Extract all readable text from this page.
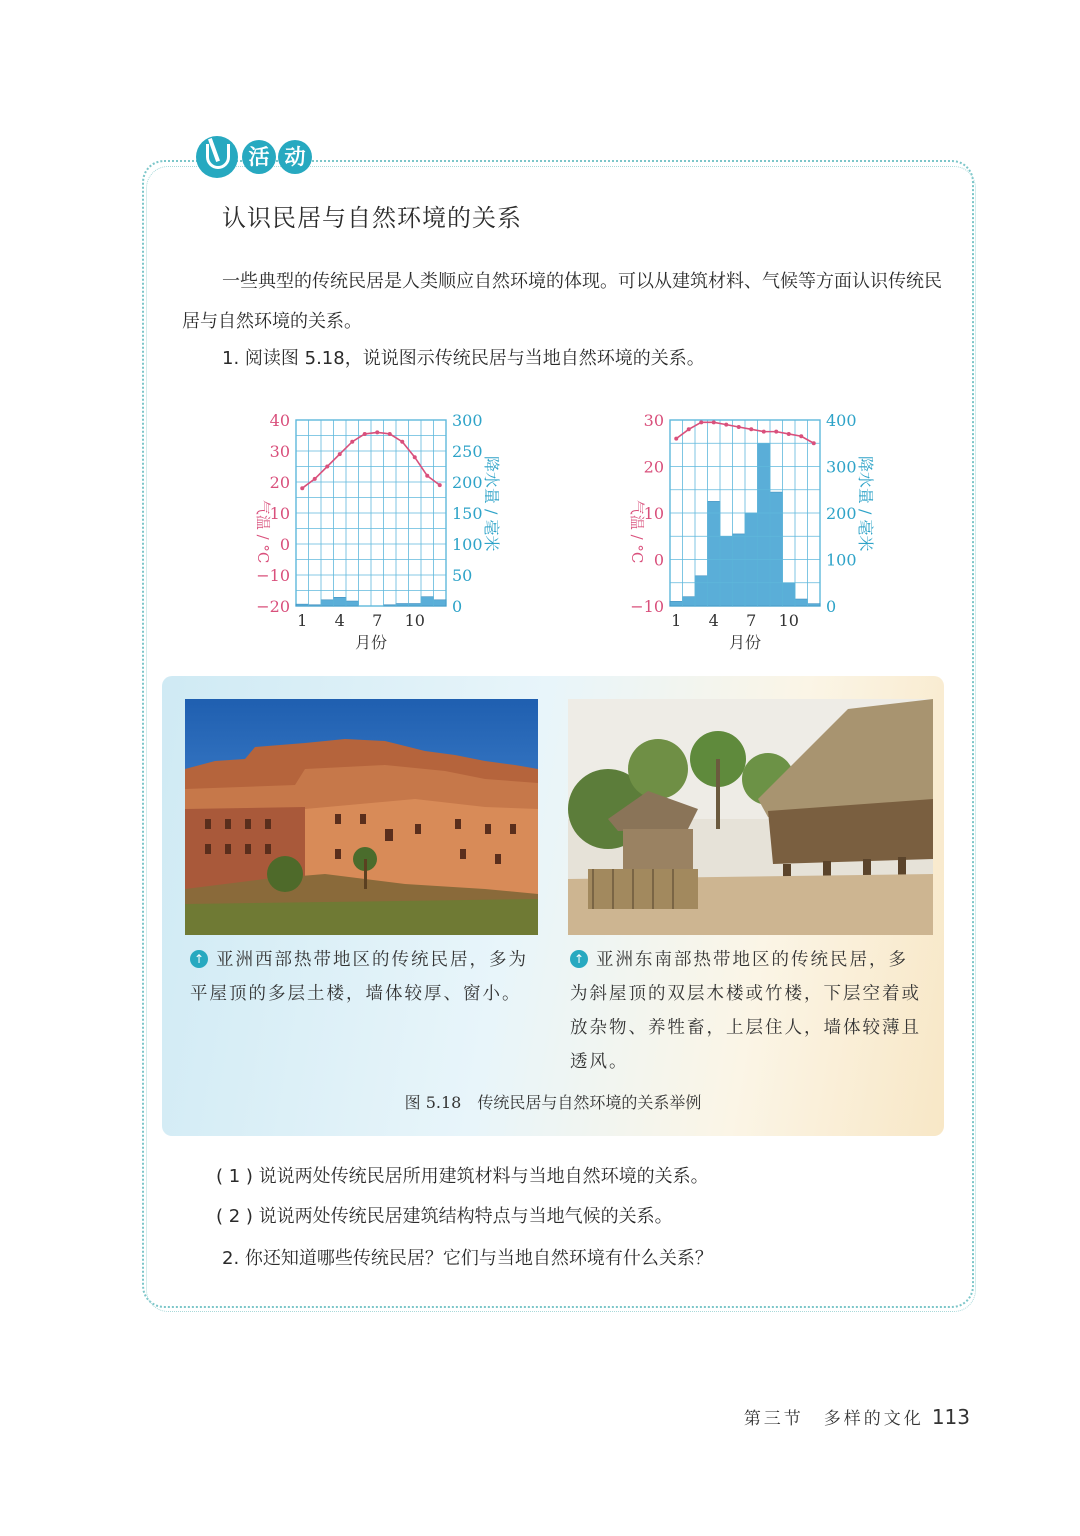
活 动
认识民居与自然环境的关系
一些典型的传统民居是人类顺应自然环境的体现。可以从建筑材料、气候等方面认识传统民居与自然环境的关系。
1. 阅读图 5.18，说说图示传统民居与当地自然环境的关系。
40
30
20
10
0
−10
−20
300
250
200
150
100
50
0
1 4 7 10
月份
气温 / °C	降水量 / 毫米
30
20
10
0
−10
400
300
200
100
0
1 4 7 10
月份
气温 / °C	降水量 / 毫米
↑ 亚洲西部热带地区的传统民居，多为平屋顶的多层土楼，墙体较厚、窗小。
↑ 亚洲东南部热带地区的传统民居，多为斜屋顶的双层木楼或竹楼，下层空着或放杂物、养牲畜，上层住人，墙体较薄且透风。
图 5.18　传统民居与自然环境的关系举例
( 1 ) 说说两处传统民居所用建筑材料与当地自然环境的关系。
( 2 ) 说说两处传统民居建筑结构特点与当地气候的关系。
2. 你还知道哪些传统民居？它们与当地自然环境有什么关系？
第三节　多样的文化 113
